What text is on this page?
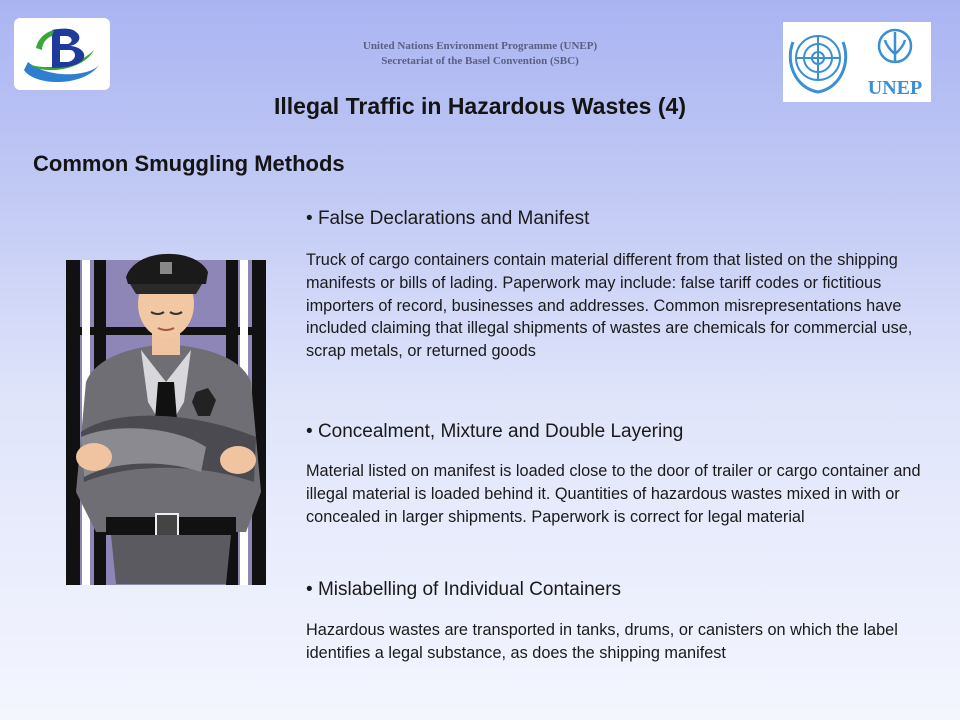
United Nations Environment Programme (UNEP)
Secretariat of the Basel Convention (SBC)
UNEP
Illegal Traffic in Hazardous Wastes (4)
Common Smuggling Methods
• False Declarations and Manifest
Truck of cargo containers contain material different from that listed on the shipping manifests or bills of lading. Paperwork may include: false tariff codes or fictitious importers of record, businesses and addresses. Common misrepresentations have included claiming that illegal shipments of wastes are chemicals for commercial use, scrap metals, or returned goods
• Concealment, Mixture and Double Layering
Material listed on manifest is loaded close to the door of trailer or cargo container and illegal material is loaded behind it. Quantities of hazardous wastes mixed in with or concealed in larger shipments. Paperwork is correct for legal material
• Mislabelling of Individual Containers
Hazardous wastes are transported in tanks, drums, or canisters on which the label identifies a legal substance, as does the shipping manifest
